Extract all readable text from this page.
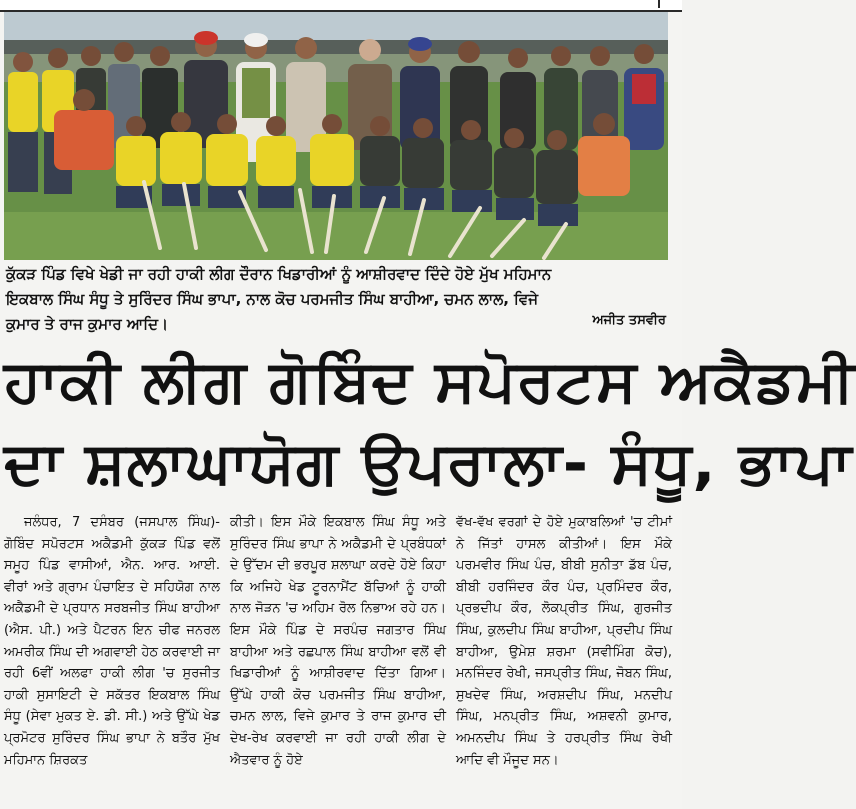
ਕੁੱਕੜ ਪਿੰਡ ਵਿਖੇ ਖੇਡੀ ਜਾ ਰਹੀ ਹਾਕੀ ਲੀਗ ਦੌਰਾਨ ਖਿਡਾਰੀਆਂ ਨੂੰ ਆਸ਼ੀਰਵਾਦ ਦਿੰਦੇ ਹੋਏ ਮੁੱਖ ਮਹਿਮਾਨ

ਇਕਬਾਲ ਸਿੰਘ ਸੰਧੂ ਤੇ ਸੁਰਿੰਦਰ ਸਿੰਘ ਭਾਪਾ, ਨਾਲ ਕੋਚ ਪਰਮਜੀਤ ਸਿੰਘ ਬਾਹੀਆ, ਚਮਨ ਲਾਲ, ਵਿਜੇ

ਕੁਮਾਰ ਤੇ ਰਾਜ ਕੁਮਾਰ ਆਦਿ।	ਅਜੀਤ ਤਸਵੀਰ
ਹਾਕੀ ਲੀਗ ਗੋਬਿੰਦ ਸਪੋਰਟਸ ਅਕੈਡਮੀ
ਦਾ ਸ਼ਲਾਘਾਯੋਗ ਉਪਰਾਲਾ- ਸੰਧੂ, ਭਾਪਾ

ਜਲੰਧਰ, 7 ਦਸੰਬਰ (ਜਸਪਾਲ ਸਿੰਘ)- ਗੋਬਿੰਦ ਸਪੋਰਟਸ ਅਕੈਡਮੀ ਕੁੱਕੜ ਪਿੰਡ ਵਲੋਂ ਸਮੂਹ ਪਿੰਡ ਵਾਸੀਆਂ, ਐਨ. ਆਰ. ਆਈ. ਵੀਰਾਂ ਅਤੇ ਗ੍ਰਾਮ ਪੰਚਾਇਤ ਦੇ ਸਹਿਯੋਗ ਨਾਲ ਅਕੈਡਮੀ ਦੇ ਪ੍ਰਧਾਨ ਸਰਬਜੀਤ ਸਿੰਘ ਬਾਹੀਆ (ਐਸ. ਪੀ.) ਅਤੇ ਪੈਟਰਨ ਇਨ ਚੀਫ ਜਨਰਲ ਅਮਰੀਕ ਸਿੰਘ ਦੀ ਅਗਵਾਈ ਹੇਠ ਕਰਵਾਈ ਜਾ ਰਹੀ 6ਵੀਂ ਅਲਫਾ ਹਾਕੀ ਲੀਗ 'ਚ ਸੁਰਜੀਤ ਹਾਕੀ ਸੁਸਾਇਟੀ ਦੇ ਸਕੱਤਰ ਇਕਬਾਲ ਸਿੰਘ ਸੰਧੂ (ਸੇਵਾ ਮੁਕਤ ਏ. ਡੀ. ਸੀ.) ਅਤੇ ਉੱਘੇ ਖੇਡ ਪ੍ਰਮੋਟਰ ਸੁਰਿੰਦਰ ਸਿੰਘ ਭਾਪਾ ਨੇ ਬਤੌਰ ਮੁੱਖ ਮਹਿਮਾਨ ਸ਼ਿਰਕਤ

ਕੀਤੀ। ਇਸ ਮੌਕੇ ਇਕਬਾਲ ਸਿੰਘ ਸੰਧੂ ਅਤੇ ਸੁਰਿੰਦਰ ਸਿੰਘ ਭਾਪਾ ਨੇ ਅਕੈਡਮੀ ਦੇ ਪ੍ਰਬੰਧਕਾਂ ਦੇ ਉੱਦਮ ਦੀ ਭਰਪੂਰ ਸ਼ਲਾਘਾ ਕਰਦੇ ਹੋਏ ਕਿਹਾ ਕਿ ਅਜਿਹੇ ਖੇਡ ਟੂਰਨਾਮੈਂਟ ਬੱਚਿਆਂ ਨੂੰ ਹਾਕੀ ਨਾਲ ਜੋੜਨ 'ਚ ਅਹਿਮ ਰੋਲ ਨਿਭਾਅ ਰਹੇ ਹਨ। ਇਸ ਮੌਕੇ ਪਿੰਡ ਦੇ ਸਰਪੰਚ ਜਗਤਾਰ ਸਿੰਘ ਬਾਹੀਆ ਅਤੇ ਰਛਪਾਲ ਸਿੰਘ ਬਾਹੀਆ ਵਲੋਂ ਵੀ ਖਿਡਾਰੀਆਂ ਨੂੰ ਆਸ਼ੀਰਵਾਦ ਦਿੱਤਾ ਗਿਆ। ਉੱਘੇ ਹਾਕੀ ਕੋਚ ਪਰਮਜੀਤ ਸਿੰਘ ਬਾਹੀਆ, ਚਮਨ ਲਾਲ, ਵਿਜੇ ਕੁਮਾਰ ਤੇ ਰਾਜ ਕੁਮਾਰ ਦੀ ਦੇਖ-ਰੇਖ ਕਰਵਾਈ ਜਾ ਰਹੀ ਹਾਕੀ ਲੀਗ ਦੇ ਐਤਵਾਰ ਨੂੰ ਹੋਏ

ਵੱਖ-ਵੱਖ ਵਰਗਾਂ ਦੇ ਹੋਏ ਮੁਕਾਬਲਿਆਂ 'ਚ ਟੀਮਾਂ ਨੇ ਜਿੱਤਾਂ ਹਾਸਲ ਕੀਤੀਆਂ। ਇਸ ਮੌਕੇ ਪਰਮਵੀਰ ਸਿੰਘ ਪੰਚ, ਬੀਬੀ ਸੁਨੀਤਾ ਡੱਬ ਪੰਚ, ਬੀਬੀ ਹਰਜਿੰਦਰ ਕੌਰ ਪੰਚ, ਪ੍ਰਮਿੰਦਰ ਕੌਰ, ਪ੍ਰਭਦੀਪ ਕੌਰ, ਲੋਕਪ੍ਰੀਤ ਸਿੰਘ, ਗੁਰਜੀਤ ਸਿੰਘ, ਕੁਲਦੀਪ ਸਿੰਘ ਬਾਹੀਆ, ਪ੍ਰਦੀਪ ਸਿੰਘ ਬਾਹੀਆ, ਉਮੇਸ਼ ਸ਼ਰਮਾ (ਸਵੀਮਿੰਗ ਕੋਚ), ਮਨਜਿੰਦਰ ਰੇਖੀ, ਜਸਪ੍ਰੀਤ ਸਿੰਘ, ਜੋਬਨ ਸਿੰਘ, ਸੁਖਦੇਵ ਸਿੰਘ, ਅਰਸ਼ਦੀਪ ਸਿੰਘ, ਮਨਦੀਪ ਸਿੰਘ, ਮਨਪ੍ਰੀਤ ਸਿੰਘ, ਅਸ਼ਵਨੀ ਕੁਮਾਰ, ਅਮਨਦੀਪ ਸਿੰਘ ਤੇ ਹਰਪ੍ਰੀਤ ਸਿੰਘ ਰੇਖੀ ਆਦਿ ਵੀ ਮੌਜੂਦ ਸਨ।
